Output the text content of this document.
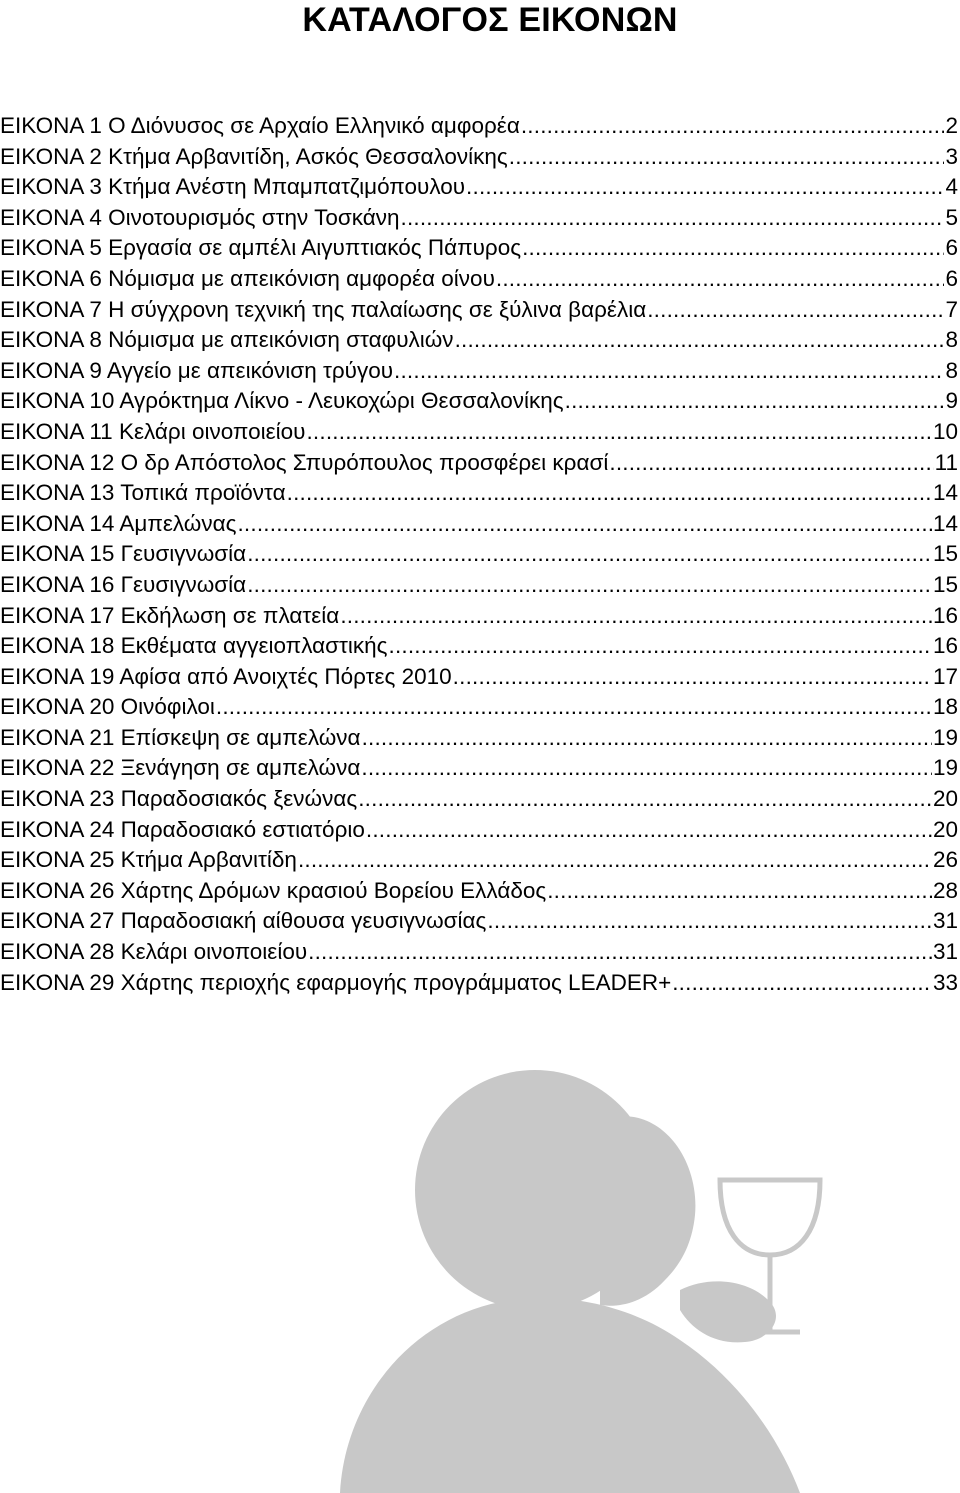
ΚΑΤΑΛΟΓΟΣ ΕΙΚΟΝΩΝ
ΕΙΚΟΝΑ 1 Ο Διόνυσος σε Αρχαίο Ελληνικό αμφορέα .....	2
ΕΙΚΟΝΑ 2 Κτήμα Αρβανιτίδη, Ασκός Θεσσαλονίκης .....	3
ΕΙΚΟΝΑ 3 Κτήμα Ανέστη Μπαμπατζιμόπουλου .....	4
ΕΙΚΟΝΑ 4 Οινοτουρισμός στην Τοσκάνη .....	5
ΕΙΚΟΝΑ 5 Εργασία σε αμπέλι Αιγυπτιακός Πάπυρος .....	6
ΕΙΚΟΝΑ 6 Νόμισμα με απεικόνιση αμφορέα οίνου .....	6
ΕΙΚΟΝΑ 7 Η σύγχρονη τεχνική της παλαίωσης σε ξύλινα βαρέλια .....	7
ΕΙΚΟΝΑ 8 Νόμισμα με απεικόνιση σταφυλιών .....	8
ΕΙΚΟΝΑ 9 Αγγείο με απεικόνιση τρύγου .....	8
ΕΙΚΟΝΑ 10 Αγρόκτημα Λίκνο - Λευκοχώρι Θεσσαλονίκης .....	9
ΕΙΚΟΝΑ 11 Κελάρι οινοποιείου .....	10
ΕΙΚΟΝΑ 12 Ο δρ Απόστολος Σπυρόπουλος προσφέρει κρασί .....	11
ΕΙΚΟΝΑ 13 Τοπικά προϊόντα .....	14
ΕΙΚΟΝΑ 14 Αμπελώνας .....	14
ΕΙΚΟΝΑ 15 Γευσιγνωσία .....	15
ΕΙΚΟΝΑ 16 Γευσιγνωσία .....	15
ΕΙΚΟΝΑ 17 Εκδήλωση σε πλατεία .....	16
ΕΙΚΟΝΑ 18 Εκθέματα αγγειοπλαστικής .....	16
ΕΙΚΟΝΑ 19 Αφίσα από Ανοιχτές Πόρτες 2010 .....	17
ΕΙΚΟΝΑ 20 Οινόφιλοι .....	18
ΕΙΚΟΝΑ 21 Επίσκεψη σε αμπελώνα .....	19
ΕΙΚΟΝΑ 22 Ξενάγηση σε αμπελώνα .....	19
ΕΙΚΟΝΑ 23 Παραδοσιακός ξενώνας .....	20
ΕΙΚΟΝΑ 24 Παραδοσιακό εστιατόριο .....	20
ΕΙΚΟΝΑ 25 Κτήμα Αρβανιτίδη .....	26
ΕΙΚΟΝΑ 26 Χάρτης Δρόμων κρασιού Βορείου Ελλάδος .....	28
ΕΙΚΟΝΑ 27 Παραδοσιακή αίθουσα γευσιγνωσίας .....	31
ΕΙΚΟΝΑ 28 Κελάρι οινοποιείου .....	31
ΕΙΚΟΝΑ 29 Χάρτης περιοχής εφαρμογής προγράμματος LEADER+ .....	33
